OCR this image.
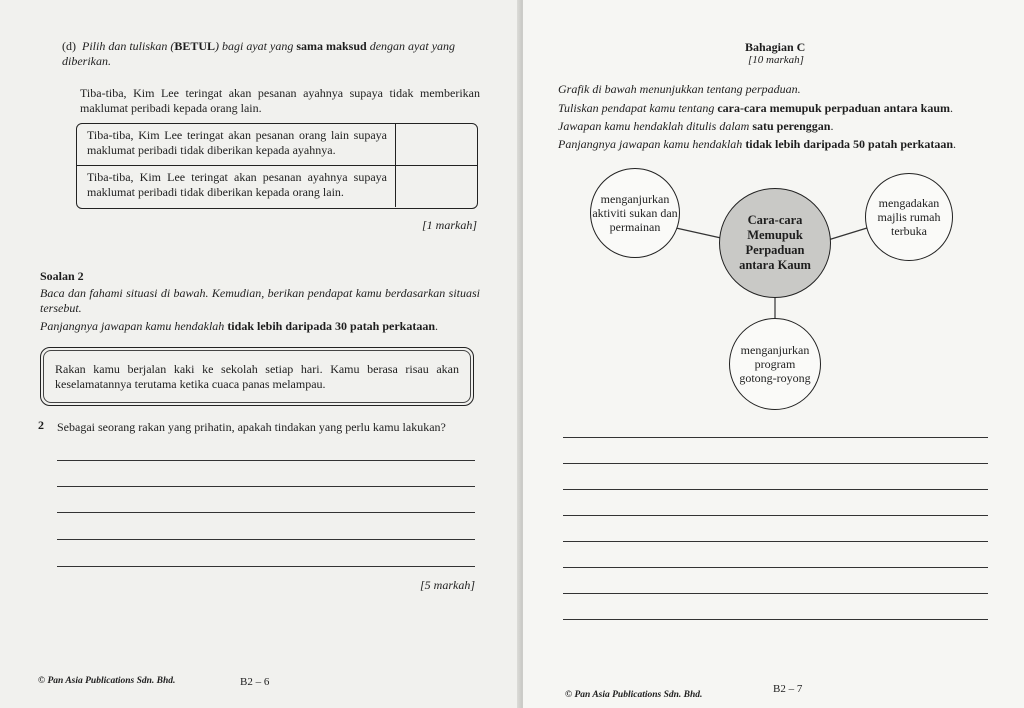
(d) Pilih dan tuliskan (BETUL) bagi ayat yang sama maksud dengan ayat yang diberikan.
Tiba-tiba, Kim Lee teringat akan pesanan ayahnya supaya tidak memberikan maklumat peribadi kepada orang lain.
Tiba-tiba, Kim Lee teringat akan pesanan orang lain supaya maklumat peribadi tidak diberikan kepada ayahnya.
Tiba-tiba, Kim Lee teringat akan pesanan ayahnya supaya maklumat peribadi tidak diberikan kepada orang lain.
[1 markah]
Soalan 2
Baca dan fahami situasi di bawah. Kemudian, berikan pendapat kamu berdasarkan situasi tersebut.
Panjangnya jawapan kamu hendaklah tidak lebih daripada 30 patah perkataan.
Rakan kamu berjalan kaki ke sekolah setiap hari. Kamu berasa risau akan keselamatannya terutama ketika cuaca panas melampau.
2 Sebagai seorang rakan yang prihatin, apakah tindakan yang perlu kamu lakukan?
[5 markah]
© Pan Asia Publications Sdn. Bhd.	B2 – 6
Bahagian C
[10 markah]
Grafik di bawah menunjukkan tentang perpaduan.
Tuliskan pendapat kamu tentang cara-cara memupuk perpaduan antara kaum.
Jawapan kamu hendaklah ditulis dalam satu perenggan.
Panjangnya jawapan kamu hendaklah tidak lebih daripada 50 patah perkataan.
menganjurkan aktiviti sukan dan permainan	Cara-cara Memupuk Perpaduan antara Kaum
mengadakan majlis rumah terbuka
menganjurkan program gotong-royong
© Pan Asia Publications Sdn. Bhd.	B2 – 7
